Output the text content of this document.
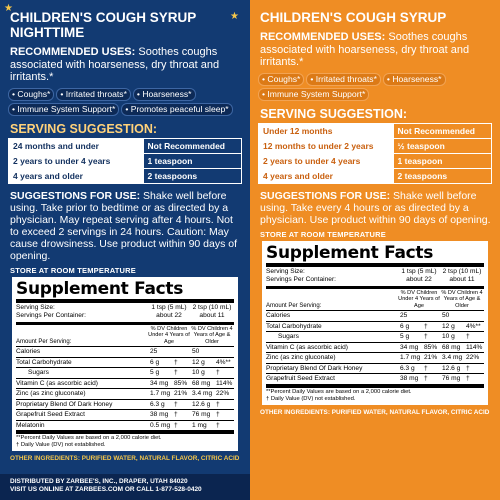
★
★
CHILDREN'S COUGH SYRUP
NIGHTTIME
RECOMMENDED USES: Soothes coughs associated with hoarseness, dry throat and irritants.*
• Coughs*	• Irritated throats*	• Hoarseness*
• Immune System Support*	• Promotes peaceful sleep*
SERVING SUGGESTION:
24 months and under	Not Recommended
2 years to under 4 years	1 teaspoon
4 years and older	2 teaspoons
SUGGESTIONS FOR USE: Shake well before using. Take prior to bedtime or as directed by a physician. May repeat serving after 4 hours. Not to exceed 2 servings in 24 hours. Caution: May cause drowsiness. Use product within 90 days of opening.
STORE AT ROOM TEMPERATURE
Supplement Facts
Serving Size:	1 tsp (5 mL) 2 tsp (10 mL)
Servings Per Container:	about 22	about 11
Amount Per Serving:
% DV Children Under 4 Years of Age
% DV Children 4 Years of Age & Older
Calories	25	50
Total Carbohydrate	6 g	†	12 g	4%**
Sugars	5 g	†	10 g	†
Vitamin C (as ascorbic acid)	34 mg 85% 68 mg 114%
Zinc (as zinc gluconate)	1.7 mg 21% 3.4 mg 22%
Proprietary Blend Of Dark Honey	6.3 g	†	12.6 g †
Grapefruit Seed Extract	38 mg †	76 mg †
Melatonin	0.5 mg †	1 mg	†
**Percent Daily Values are based on a 2,000 calorie diet.
† Daily Value (DV) not established.
OTHER INGREDIENTS: PURIFIED WATER, NATURAL FLAVOR, CITRIC ACID
DISTRIBUTED BY ZARBEE'S, INC., DRAPER, UTAH 84020
VISIT US ONLINE AT ZARBEES.COM OR CALL 1-877-528-0420
CHILDREN'S COUGH SYRUP
RECOMMENDED USES: Soothes coughs associated with hoarseness, dry throat and irritants.*
• Coughs*	• Irritated throats*	• Hoarseness*
• Immune System Support*
SERVING SUGGESTION:
Under 12 months	Not Recommended
12 months to under 2 years	½ teaspoon
2 years to under 4 years	1 teaspoon
4 years and older	2 teaspoons
SUGGESTIONS FOR USE: Shake well before using. Take every 4 hours or as directed by a physician. Use product within 90 days of opening.
STORE AT ROOM TEMPERATURE
Supplement Facts
Serving Size:	1 tsp (5 mL) 2 tsp (10 mL)
Servings Per Container:	about 22	about 11
Amount Per Serving:
% DV Children Under 4 Years of Age
% DV Children 4 Years of Age & Older
Calories	25	50
Total Carbohydrate	6 g	†	12 g	4%**
Sugars	5 g	†	10 g	†
Vitamin C (as ascorbic acid)	34 mg 85% 68 mg 114%
Zinc (as zinc gluconate)	1.7 mg 21% 3.4 mg 22%
Proprietary Blend Of Dark Honey	6.3 g	†	12.6 g †
Grapefruit Seed Extract	38 mg †	76 mg †
**Percent Daily Values are based on a 2,000 calorie diet.
† Daily Value (DV) not established.
OTHER INGREDIENTS: PURIFIED WATER, NATURAL FLAVOR, CITRIC ACID
